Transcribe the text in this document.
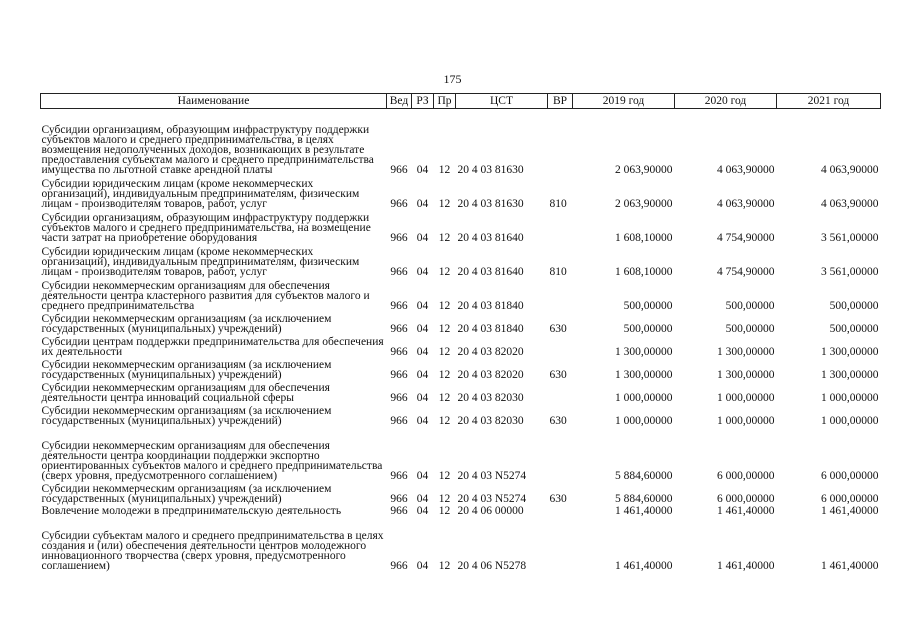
175
Наименование	Вед	РЗ	Пр	ЦСТ	ВР	2019 год	2020 год	2021 год
Субсидии организациям, образующим инфраструктуру поддержки субъектов малого и среднего предпринимательства, в целях возмещения недополученных доходов, возникающих в результате предоставления субъектам малого и среднего предпринимательства имущества по льготной ставке арендной платы	966	04	12	20 4 03 81630		2 063,90000	4 063,90000	4 063,90000
Субсидии юридическим лицам (кроме некоммерческих организаций), индивидуальным предпринимателям, физическим лицам - производителям товаров, работ, услуг	966	04	12	20 4 03 81630	810	2 063,90000	4 063,90000	4 063,90000
Субсидии организациям, образующим инфраструктуру поддержки субъектов малого и среднего предпринимательства, на возмещение части затрат на приобретение оборудования	966	04	12	20 4 03 81640		1 608,10000	4 754,90000	3 561,00000
Субсидии юридическим лицам (кроме некоммерческих организаций), индивидуальным предпринимателям, физическим лицам - производителям товаров, работ, услуг	966	04	12	20 4 03 81640	810	1 608,10000	4 754,90000	3 561,00000
Субсидии некоммерческим организациям для обеспечения деятельности центра кластерного развития для субъектов малого и среднего предпринимательства	966	04	12	20 4 03 81840		500,00000	500,00000	500,00000
Субсидии некоммерческим организациям (за исключением государственных (муниципальных) учреждений)	966	04	12	20 4 03 81840	630	500,00000	500,00000	500,00000
Субсидии центрам поддержки предпринимательства для обеспечения их деятельности	966	04	12	20 4 03 82020		1 300,00000	1 300,00000	1 300,00000
Субсидии некоммерческим организациям (за исключением государственных (муниципальных) учреждений)	966	04	12	20 4 03 82020	630	1 300,00000	1 300,00000	1 300,00000
Субсидии некоммерческим организациям для обеспечения деятельности центра инноваций социальной сферы	966	04	12	20 4 03 82030		1 000,00000	1 000,00000	1 000,00000
Субсидии некоммерческим организациям (за исключением государственных (муниципальных) учреждений)	966	04	12	20 4 03 82030	630	1 000,00000	1 000,00000	1 000,00000
Субсидии некоммерческим организациям для обеспечения деятельности центра координации поддержки экспортно ориентированных субъектов малого и среднего предпринимательства (сверх уровня, предусмотренного соглашением)	966	04	12	20 4 03 N5274		5 884,60000	6 000,00000	6 000,00000
Субсидии некоммерческим организациям (за исключением государственных (муниципальных) учреждений)	966	04	12	20 4 03 N5274	630	5 884,60000	6 000,00000	6 000,00000
Вовлечение молодежи в предпринимательскую деятельность	966	04	12	20 4 06 00000		1 461,40000	1 461,40000	1 461,40000
Субсидии субъектам малого и среднего предпринимательства в целях создания и (или) обеспечения деятельности центров молодежного инновационного творчества (сверх уровня, предусмотренного соглашением)	966	04	12	20 4 06 N5278		1 461,40000	1 461,40000	1 461,40000
